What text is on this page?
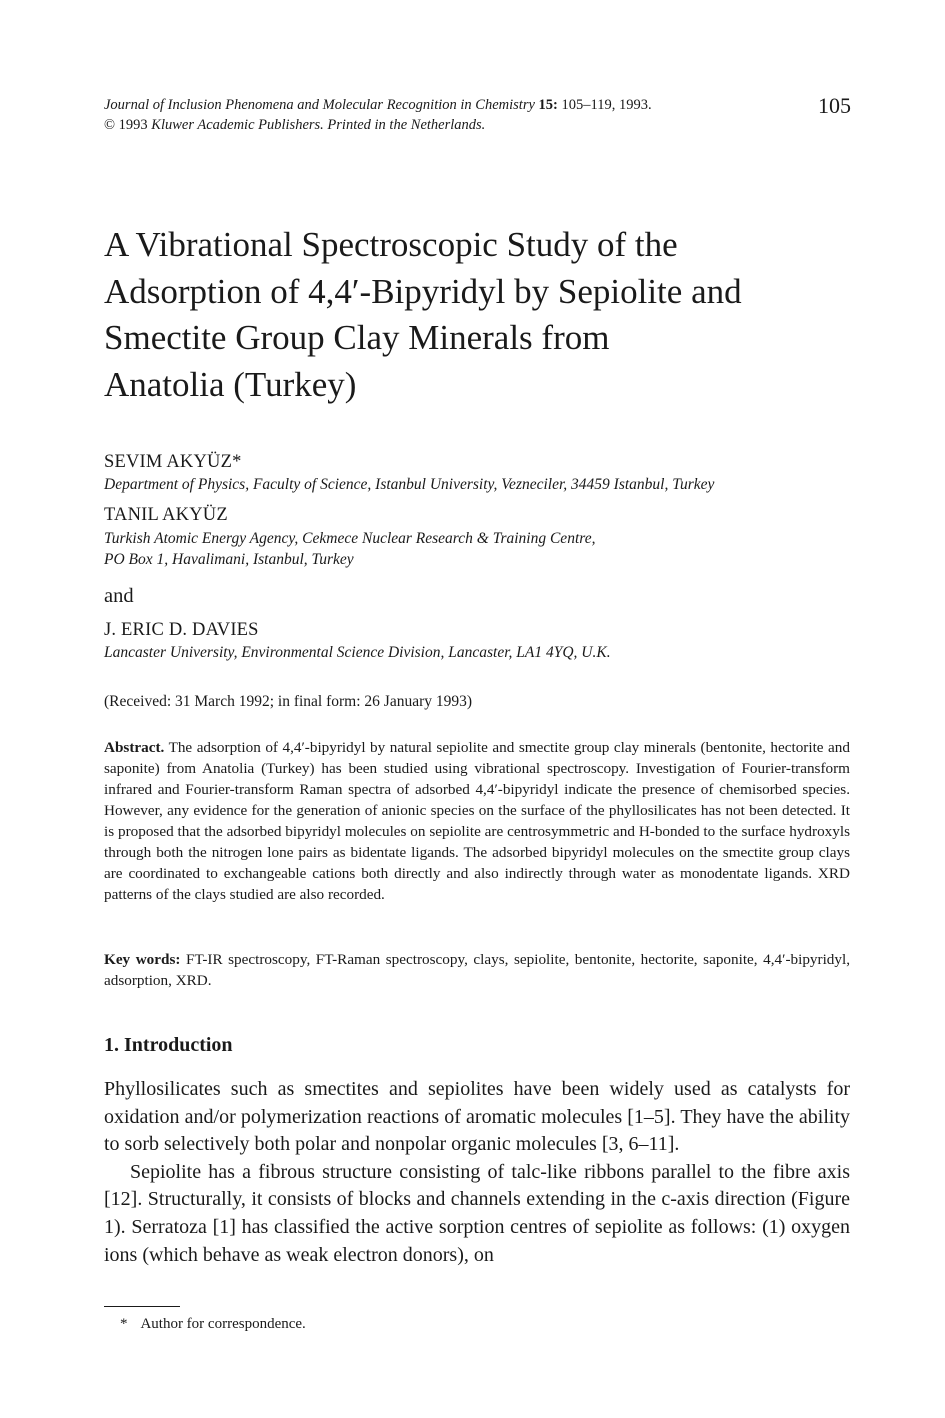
Journal of Inclusion Phenomena and Molecular Recognition in Chemistry 15: 105–119, 1993.
© 1993 Kluwer Academic Publishers. Printed in the Netherlands.
105
A Vibrational Spectroscopic Study of the
Adsorption of 4,4′-Bipyridyl by Sepiolite and
Smectite Group Clay Minerals from
Anatolia (Turkey)
SEVIM AKYÜZ*
Department of Physics, Faculty of Science, Istanbul University, Vezneciler, 34459 Istanbul, Turkey
TANIL AKYÜZ
Turkish Atomic Energy Agency, Cekmece Nuclear Research & Training Centre,
PO Box 1, Havalimani, Istanbul, Turkey
and
J. ERIC D. DAVIES
Lancaster University, Environmental Science Division, Lancaster, LA1 4YQ, U.K.
(Received: 31 March 1992; in final form: 26 January 1993)
Abstract. The adsorption of 4,4′-bipyridyl by natural sepiolite and smectite group clay minerals (bentonite, hectorite and saponite) from Anatolia (Turkey) has been studied using vibrational spectroscopy. Investigation of Fourier-transform infrared and Fourier-transform Raman spectra of adsorbed 4,4′-bipyridyl indicate the presence of chemisorbed species. However, any evidence for the generation of anionic species on the surface of the phyllosilicates has not been detected. It is proposed that the adsorbed bipyridyl molecules on sepiolite are centrosymmetric and H-bonded to the surface hydroxyls through both the nitrogen lone pairs as bidentate ligands. The adsorbed bipyridyl molecules on the smectite group clays are coordinated to exchangeable cations both directly and also indirectly through water as monodentate ligands. XRD patterns of the clays studied are also recorded.
Key words: FT-IR spectroscopy, FT-Raman spectroscopy, clays, sepiolite, bentonite, hectorite, saponite, 4,4′-bipyridyl, adsorption, XRD.
1. Introduction

Phyllosilicates such as smectites and sepiolites have been widely used as catalysts for oxidation and/or polymerization reactions of aromatic molecules [1–5]. They have the ability to sorb selectively both polar and nonpolar organic molecules [3, 6–11].

Sepiolite has a fibrous structure consisting of talc-like ribbons parallel to the fibre axis [12]. Structurally, it consists of blocks and channels extending in the c-axis direction (Figure 1). Serratoza [1] has classified the active sorption centres of sepiolite as follows: (1) oxygen ions (which behave as weak electron donors), on

* Author for correspondence.
